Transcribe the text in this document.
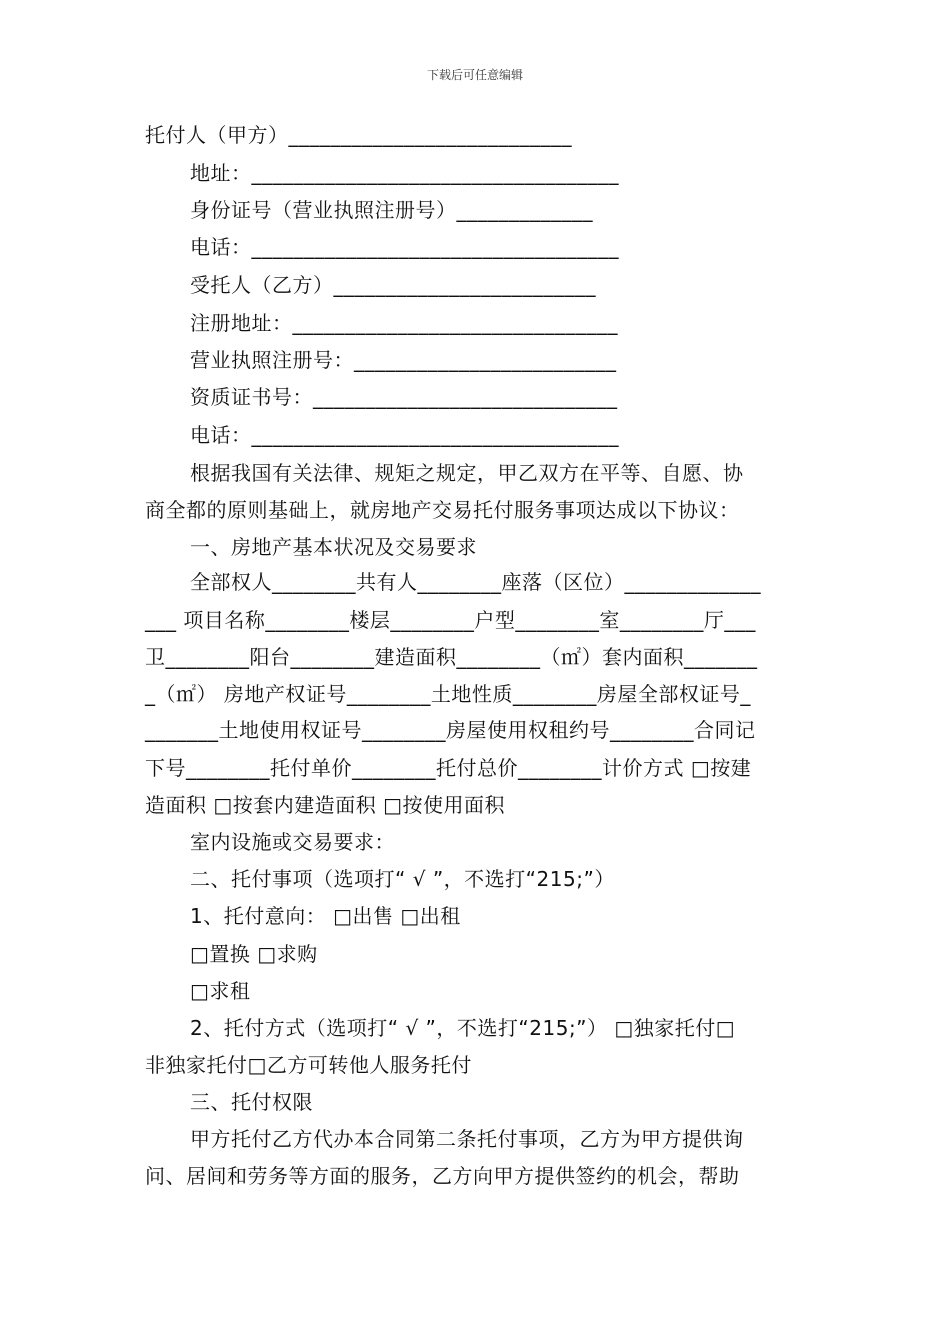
下载后可任意编辑
托付人（甲方）___________________________
地址：___________________________________
身份证号（营业执照注册号）_____________
电话：___________________________________
受托人（乙方）_________________________
注册地址：_______________________________
营业执照注册号：_________________________
资质证书号：_____________________________
电话：___________________________________
根据我国有关法律、规矩之规定，甲乙双方在平等、自愿、协
商全都的原则基础上，就房地产交易托付服务事项达成以下协议：
一、房地产基本状况及交易要求
全部权人________共有人________座落（区位）_____________
___ 项目名称________楼层________户型________室________厅___
卫________阳台________建造面积________（㎡）套内面积_______
_（㎡） 房地产权证号________土地性质________房屋全部权证号_
_______土地使用权证号________房屋使用权租约号________合同记
下号________托付单价________托付总价________计价方式 □按建
造面积 □按套内建造面积 □按使用面积
室内设施或交易要求：
二、托付事项（选项打“ √ ”，不选打“215;”）
1、托付意向： □出售 □出租
□置换 □求购
□求租
2、托付方式（选项打“ √ ”，不选打“215;”） □独家托付□
非独家托付□乙方可转他人服务托付
三、托付权限
甲方托付乙方代办本合同第二条托付事项，乙方为甲方提供询
问、居间和劳务等方面的服务，乙方向甲方提供签约的机会，帮助
